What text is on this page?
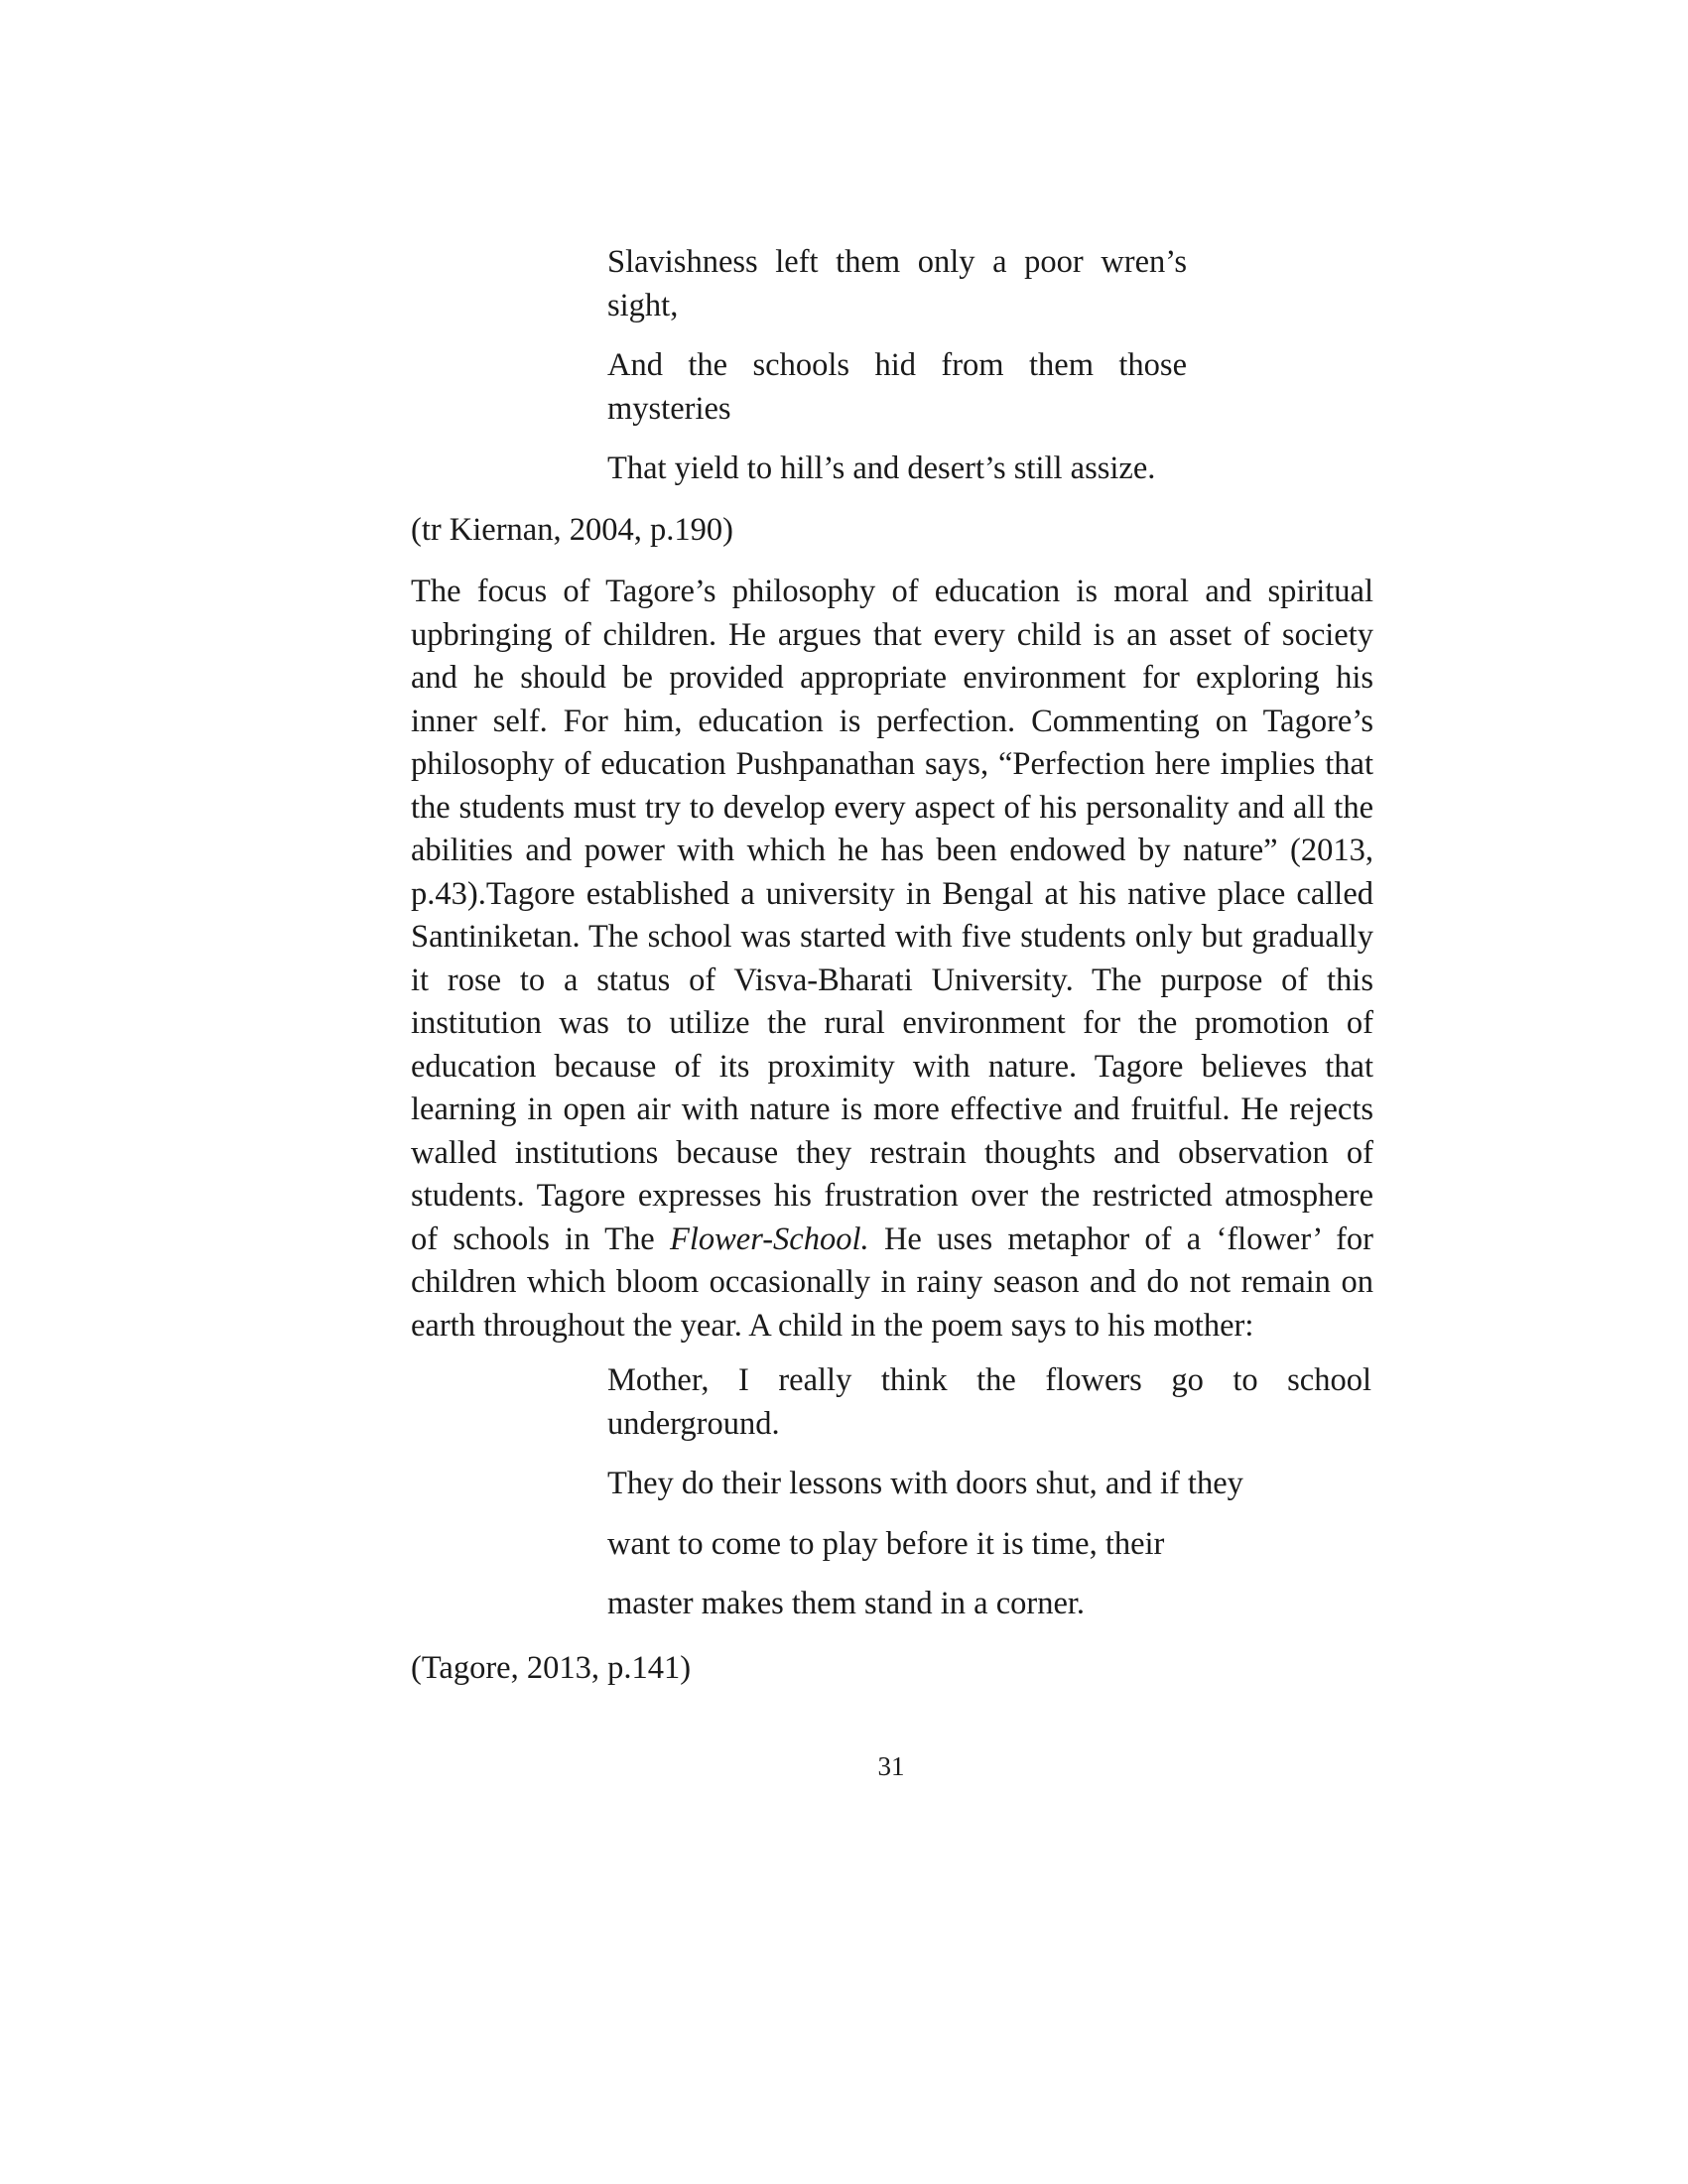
Slavishness left them only a poor wren’s sight,

And the schools hid from them those mysteries

That yield to hill’s and desert’s still assize.

(tr Kiernan, 2004, p.190)

The focus of Tagore’s philosophy of education is moral and spiritual upbringing of children. He argues that every child is an asset of society and he should be provided appropriate environment for exploring his inner self. For him, education is perfection. Commenting on Tagore’s philosophy of education Pushpanathan says, “Perfection here implies that the students must try to develop every aspect of his personality and all the abilities and power with which he has been endowed by nature” (2013, p.43).Tagore established a university in Bengal at his native place called Santiniketan. The school was started with five students only but gradually it rose to a status of Visva-Bharati University. The purpose of this institution was to utilize the rural environment for the promotion of education because of its proximity with nature. Tagore believes that learning in open air with nature is more effective and fruitful. He rejects walled institutions because they restrain thoughts and observation of students. Tagore expresses his frustration over the restricted atmosphere of schools in The Flower-School. He uses metaphor of a ‘flower’ for children which bloom occasionally in rainy season and do not remain on earth throughout the year. A child in the poem says to his mother:

Mother, I really think the flowers go to school underground.

They do their lessons with doors shut, and if they

want to come to play before it is time, their

master makes them stand in a corner.

(Tagore, 2013, p.141)

31
